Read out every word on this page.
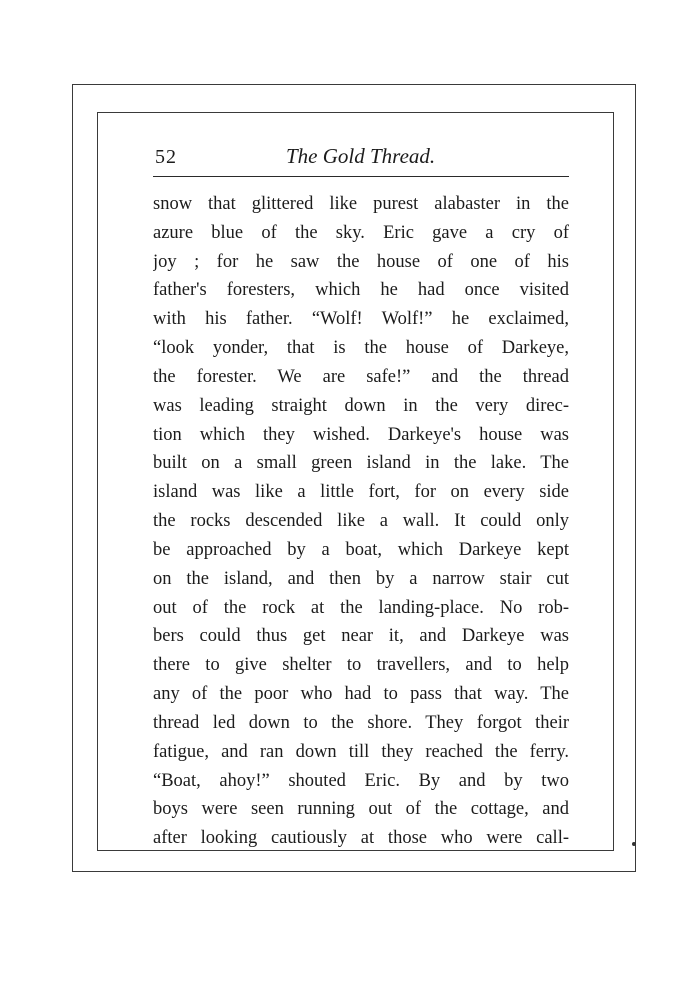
52	The Gold Thread.
snow that glittered like purest alabaster in the
azure blue of the sky. Eric gave a cry of
joy ; for he saw the house of one of his
father's foresters, which he had once visited
with his father. “Wolf! Wolf!” he exclaimed,
“look yonder, that is the house of Darkeye,
the forester. We are safe!” and the thread
was leading straight down in the very direc-
tion which they wished. Darkeye's house was
built on a small green island in the lake. The
island was like a little fort, for on every side
the rocks descended like a wall. It could only
be approached by a boat, which Darkeye kept
on the island, and then by a narrow stair cut
out of the rock at the landing-place. No rob-
bers could thus get near it, and Darkeye was
there to give shelter to travellers, and to help
any of the poor who had to pass that way. The
thread led down to the shore. They forgot their
fatigue, and ran down till they reached the ferry.
“Boat, ahoy!” shouted Eric. By and by two
boys were seen running out of the cottage, and
after looking cautiously at those who were call-
